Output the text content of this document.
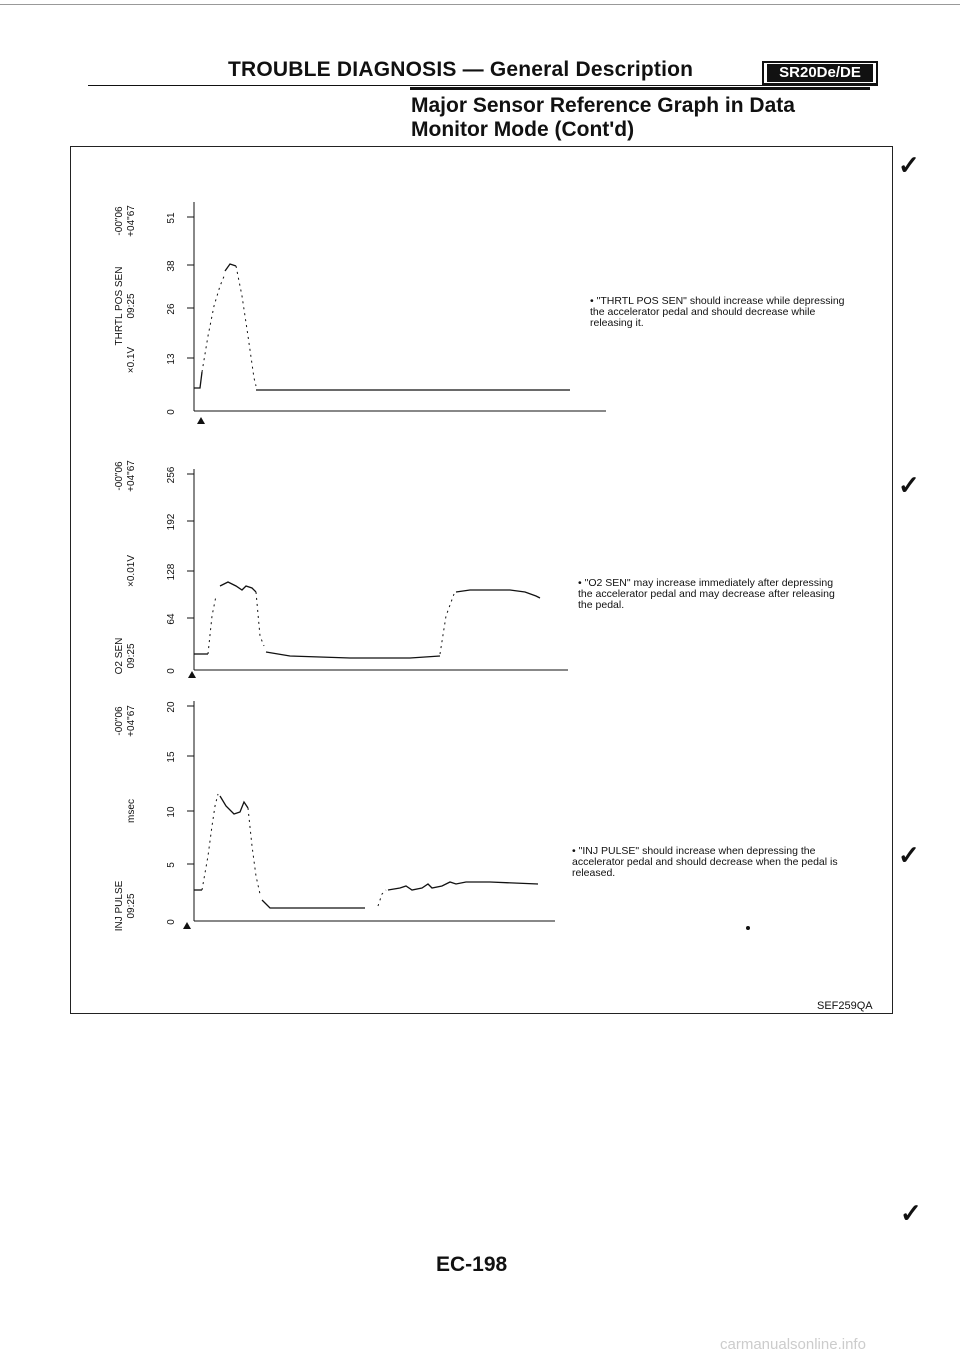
TROUBLE DIAGNOSIS — General Description	SR20De/DE
Major Sensor Reference Graph in Data
Monitor Mode (Cont'd)
✓
✓
✓
✓
THRTL POS SEN 09:25
×0.1V
-00"06 +04"67
0
13
26
38
51
O2 SEN 09:25
×0.01V
-00"06 +04"67
0
64
128
192
256
INJ PULSE 09:25
msec
-00"06 +04"67
0
5
10
15
20
• "THRTL POS SEN" should increase while depressing the accelerator pedal and should decrease while releasing it.
• "O2 SEN" may increase immediately after depressing the accelerator pedal and may decrease after releasing the pedal.
• "INJ PULSE" should increase when depressing the accelerator pedal and should decrease when the pedal is released.
SEF259QA
EC-198
carmanualsonline.info
